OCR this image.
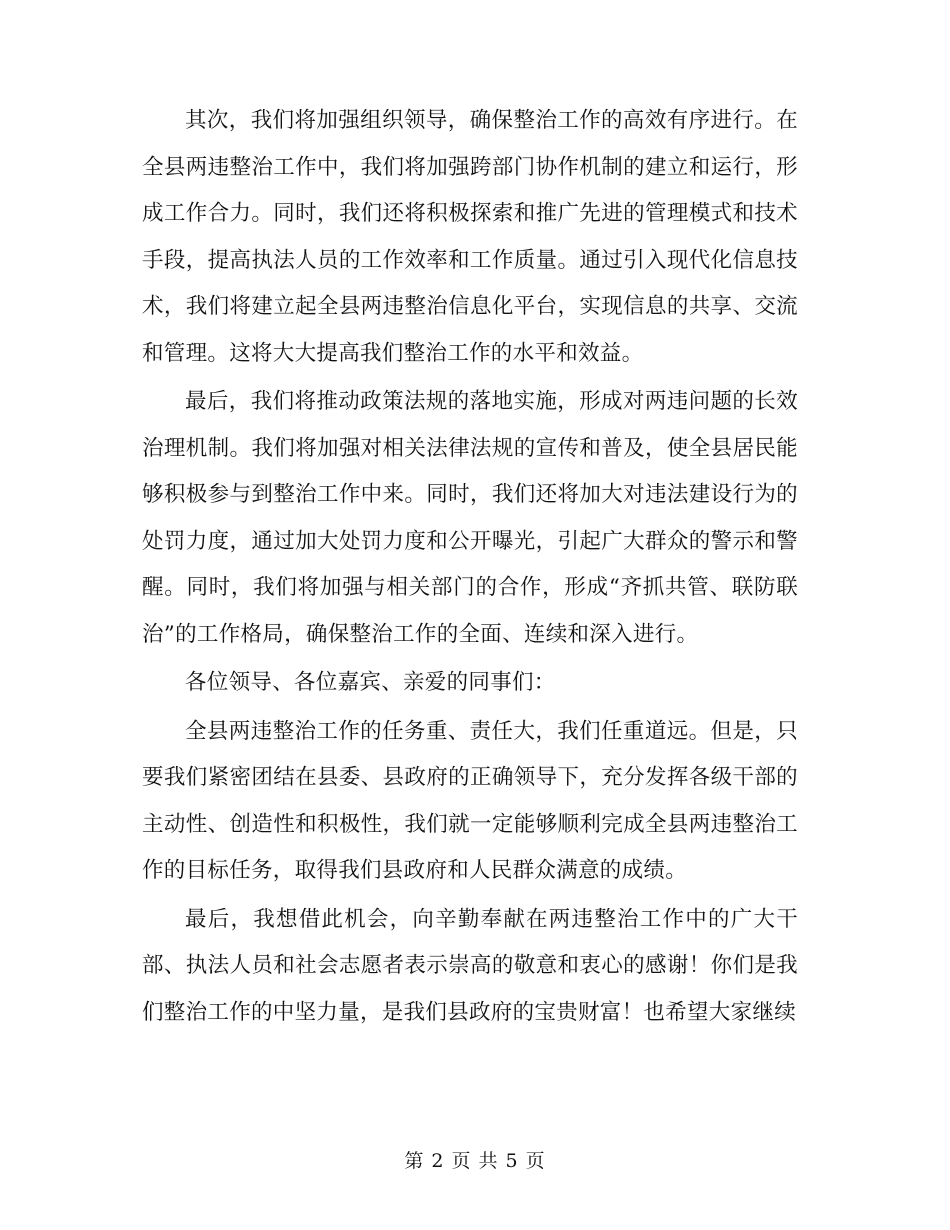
其次，我们将加强组织领导，确保整治工作的高效有序进行。在全县两违整治工作中，我们将加强跨部门协作机制的建立和运行，形成工作合力。同时，我们还将积极探索和推广先进的管理模式和技术手段，提高执法人员的工作效率和工作质量。通过引入现代化信息技术，我们将建立起全县两违整治信息化平台，实现信息的共享、交流和管理。这将大大提高我们整治工作的水平和效益。

最后，我们将推动政策法规的落地实施，形成对两违问题的长效治理机制。我们将加强对相关法律法规的宣传和普及，使全县居民能够积极参与到整治工作中来。同时，我们还将加大对违法建设行为的处罚力度，通过加大处罚力度和公开曝光，引起广大群众的警示和警醒。同时，我们将加强与相关部门的合作，形成“齐抓共管、联防联治”的工作格局，确保整治工作的全面、连续和深入进行。

各位领导、各位嘉宾、亲爱的同事们：

全县两违整治工作的任务重、责任大，我们任重道远。但是，只要我们紧密团结在县委、县政府的正确领导下，充分发挥各级干部的主动性、创造性和积极性，我们就一定能够顺利完成全县两违整治工作的目标任务，取得我们县政府和人民群众满意的成绩。

最后，我想借此机会，向辛勤奉献在两违整治工作中的广大干部、执法人员和社会志愿者表示崇高的敬意和衷心的感谢！你们是我们整治工作的中坚力量，是我们县政府的宝贵财富！也希望大家继续

第 2 页 共 5 页
